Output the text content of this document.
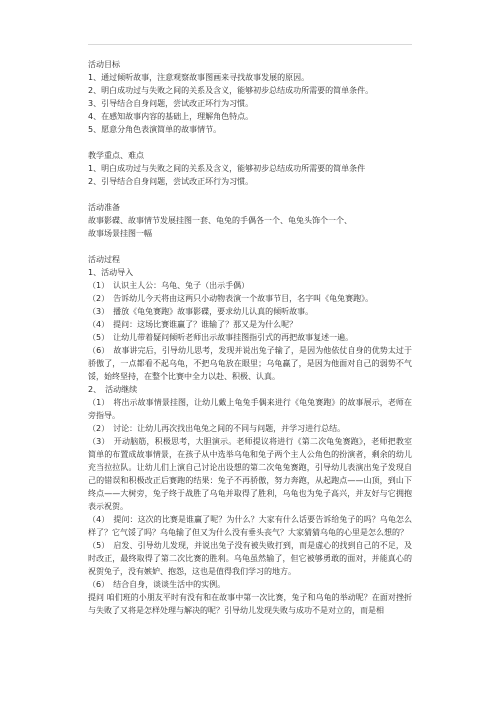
活动目标

1、通过倾听故事，注意观察故事图画来寻找故事发展的原因。

2、明白成功过与失败之间的关系及含义，能够初步总结成功所需要的简单条件。

3、引导结合自身问题，尝试改正坏行为习惯。

4、在感知故事内容的基础上，理解角色特点。

5、愿意分角色表演简单的故事情节。

教学重点、难点

1、明白成功过与失败之间的关系及含义，能够初步总结成功所需要的简单条件

2、引导结合自身问题，尝试改正坏行为习惯。

活动准备

故事影碟、故事情节发展挂图一套、龟兔的手偶各一个、龟兔头饰个一个、

故事场景挂图一幅

活动过程

1、活动导入

（1）　认识主人公：乌龟、兔子（出示手偶）

（2）　告诉幼儿今天将由这两只小动物表演一个故事节目，名字叫《龟兔赛跑》。

（3）　播放《龟兔赛跑》故事影碟，要求幼儿认真的倾听故事。

（4）　提问：这场比赛谁赢了？谁输了？那又是为什么呢？

（5）　让幼儿带着疑问倾听老师出示故事挂图指引式的再把故事复述一遍。

（6）　故事讲完后，引导幼儿思考，发现并说出兔子输了，是因为他依仗自身的优势太过于骄傲了，一点都看不起乌龟，不把乌龟放在眼里；乌龟赢了，是因为他面对自己的弱势不气馁，始终坚持，在整个比赛中全力以赴、积极、认真。

2、　活动继续

（1）　将出示故事情景挂图，让幼儿戴上龟兔手偶来进行《龟兔赛跑》的故事展示，老师在旁指导。

（2）　讨论：让幼儿再次找出龟兔之间的不同与问题，并学习进行总结。

（3）　开动脑筋，积极思考，大胆演示。老师提议将进行《第二次龟兔赛跑》，老师把教室简单的布置成故事情景，在孩子从中选举乌龟和兔子两个主人公角色的扮演者，剩余的幼儿充当拉拉队。让幼儿们上演自己讨论出设想的第二次龟兔赛跑，引导幼儿表演出兔子发现自己的错误和积极改正后赛跑的结果：兔子不再骄傲，努力奔跑，从起跑点——山顶，到山下终点——大树旁，兔子终于战胜了乌龟并取得了胜利，乌龟也为兔子高兴，并友好与它拥抱表示祝贺。

（4）　提问：这次的比赛是谁赢了呢？为什么？大家有什么话要告诉给兔子的吗？乌龟怎么样了？它气馁了吗？乌龟输了但又为什么没有垂头丧气？大家猜猜乌龟的心里是怎么想的？

（5）　启发、引导幼儿发现，并说出兔子没有被失败打到，而是虚心的找到自己的不足，及时改正，最终取得了第二次比赛的胜利。乌龟虽然输了，但它被够勇敢的面对，并能真心的祝贺兔子，没有嫉妒、抱怨，这也是值得我们学习的地方。

（6）　结合自身，谈谈生活中的实例。

提问 咱们班的小朋友平时有没有和在故事中第一次比赛，兔子和乌龟的举动呢？在面对挫折与失败了又将是怎样处理与解决的呢？引导幼儿发现失败与成功不是对立的，而是相
